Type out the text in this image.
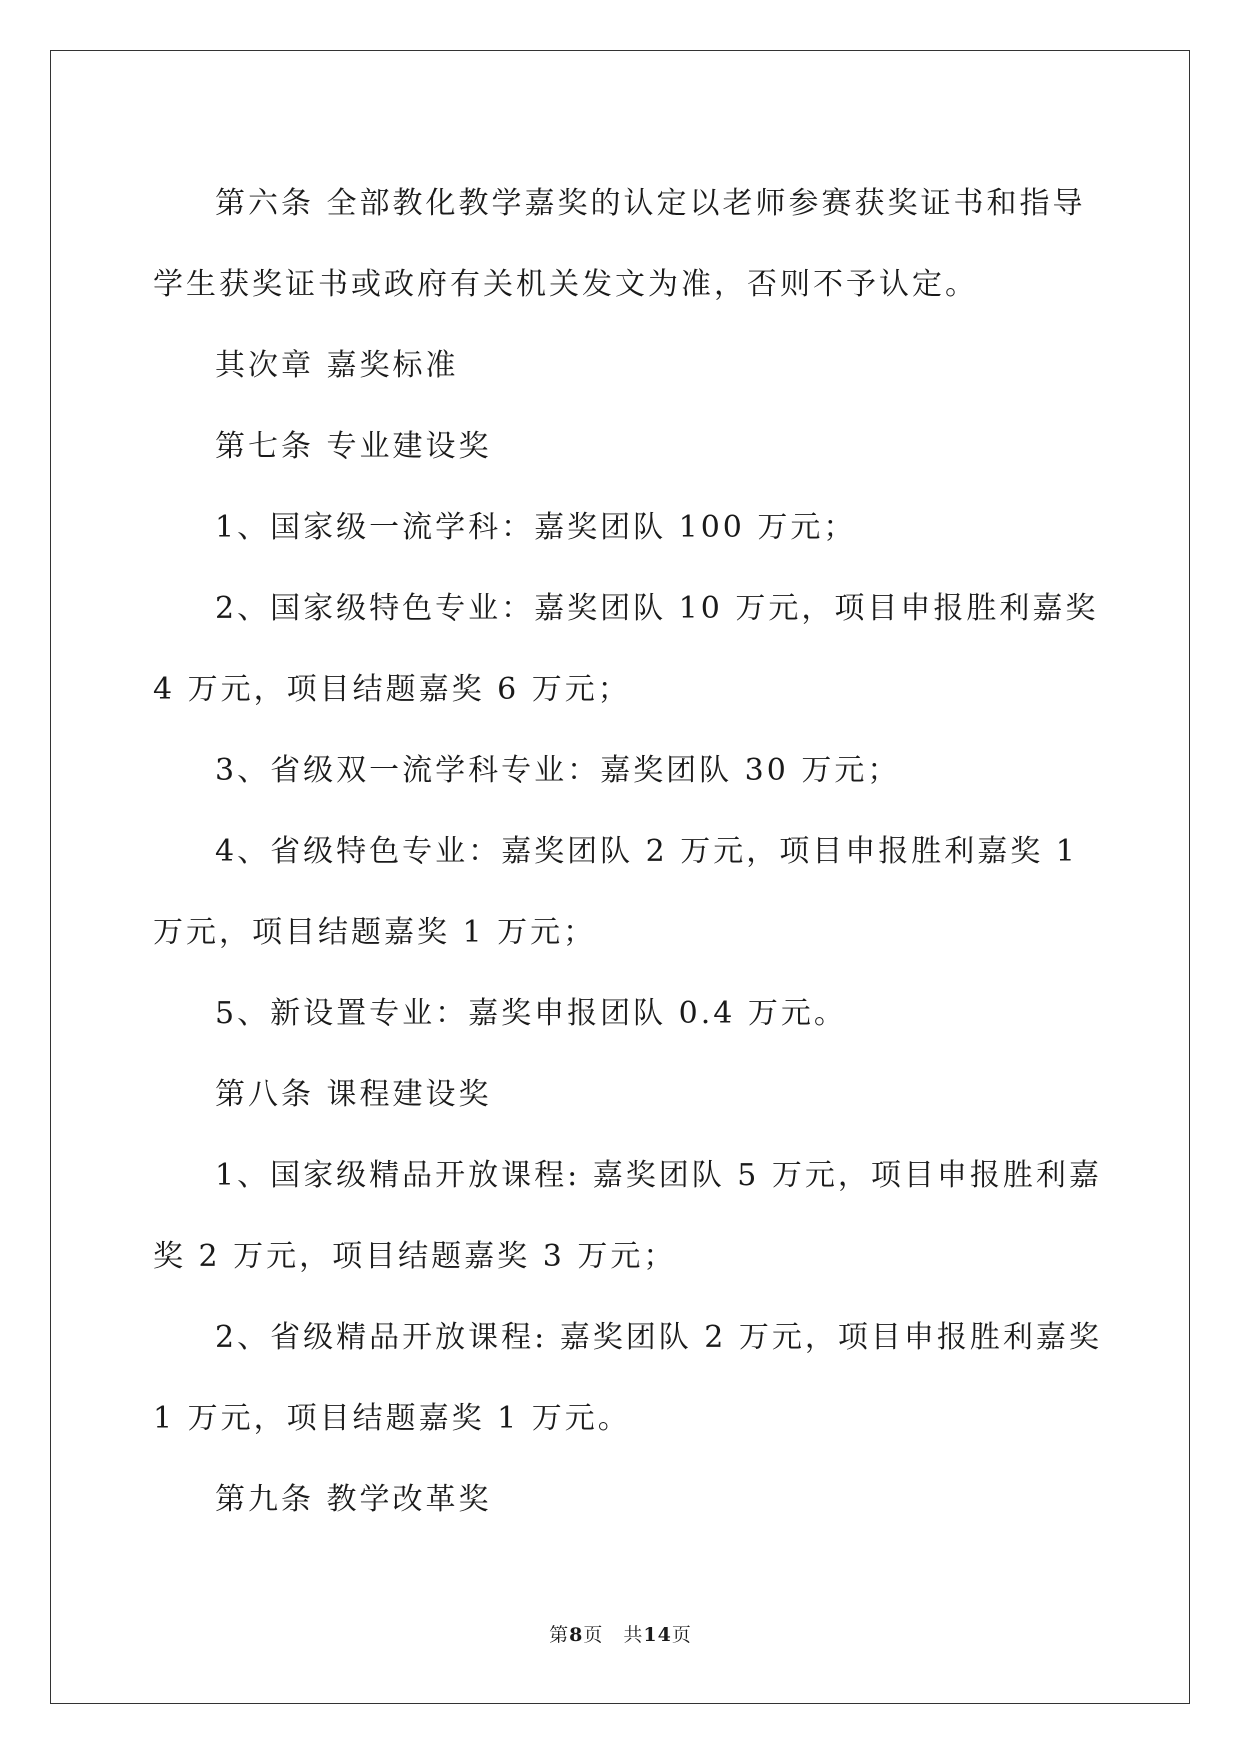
第六条 全部教化教学嘉奖的认定以老师参赛获奖证书和指导学生获奖证书或政府有关机关发文为准，否则不予认定。

其次章 嘉奖标准

第七条 专业建设奖

1、国家级一流学科：嘉奖团队 100 万元；

2、国家级特色专业：嘉奖团队 10 万元，项目申报胜利嘉奖 4 万元，项目结题嘉奖 6 万元；

3、省级双一流学科专业：嘉奖团队 30 万元；

4、省级特色专业：嘉奖团队 2 万元，项目申报胜利嘉奖 1 万元，项目结题嘉奖 1 万元；

5、新设置专业：嘉奖申报团队 0.4 万元。

第八条 课程建设奖

1、国家级精品开放课程: 嘉奖团队 5 万元，项目申报胜利嘉奖 2 万元，项目结题嘉奖 3 万元；

2、省级精品开放课程: 嘉奖团队 2 万元，项目申报胜利嘉奖 1 万元，项目结题嘉奖 1 万元。

第九条 教学改革奖

第8页　共14页
